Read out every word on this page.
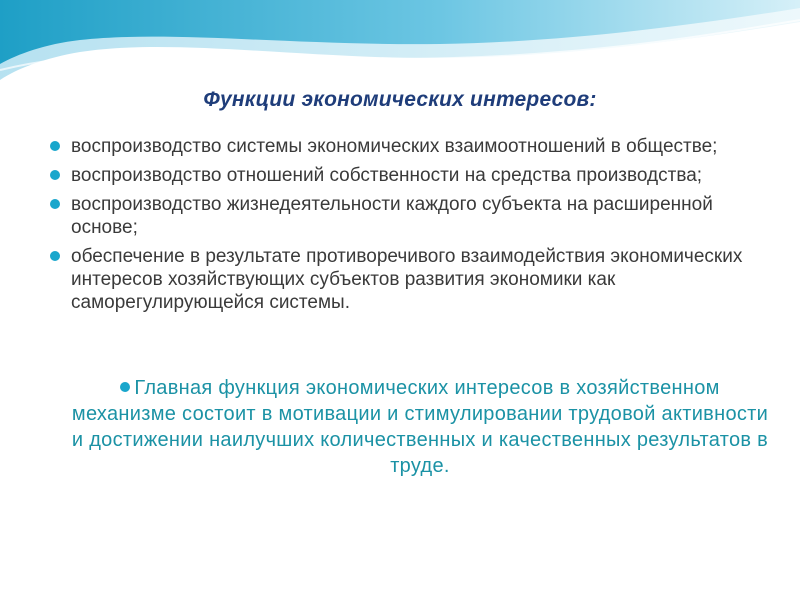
Функции экономических интересов:
воспроизводство системы экономических взаимоотношений в обществе;
воспроизводство отношений собственности на средства производства;
воспроизводство жизнедеятельности каждого субъекта на расширенной основе;
обеспечение в результате противоречивого взаимодействия экономических интересов хозяйствующих субъектов развития экономики как саморегулирующейся системы.

Главная функция экономических интересов в хозяйственном механизме состоит в мотивации и стимулировании трудовой активности и достижении наилучших количественных и качественных результатов в труде.
